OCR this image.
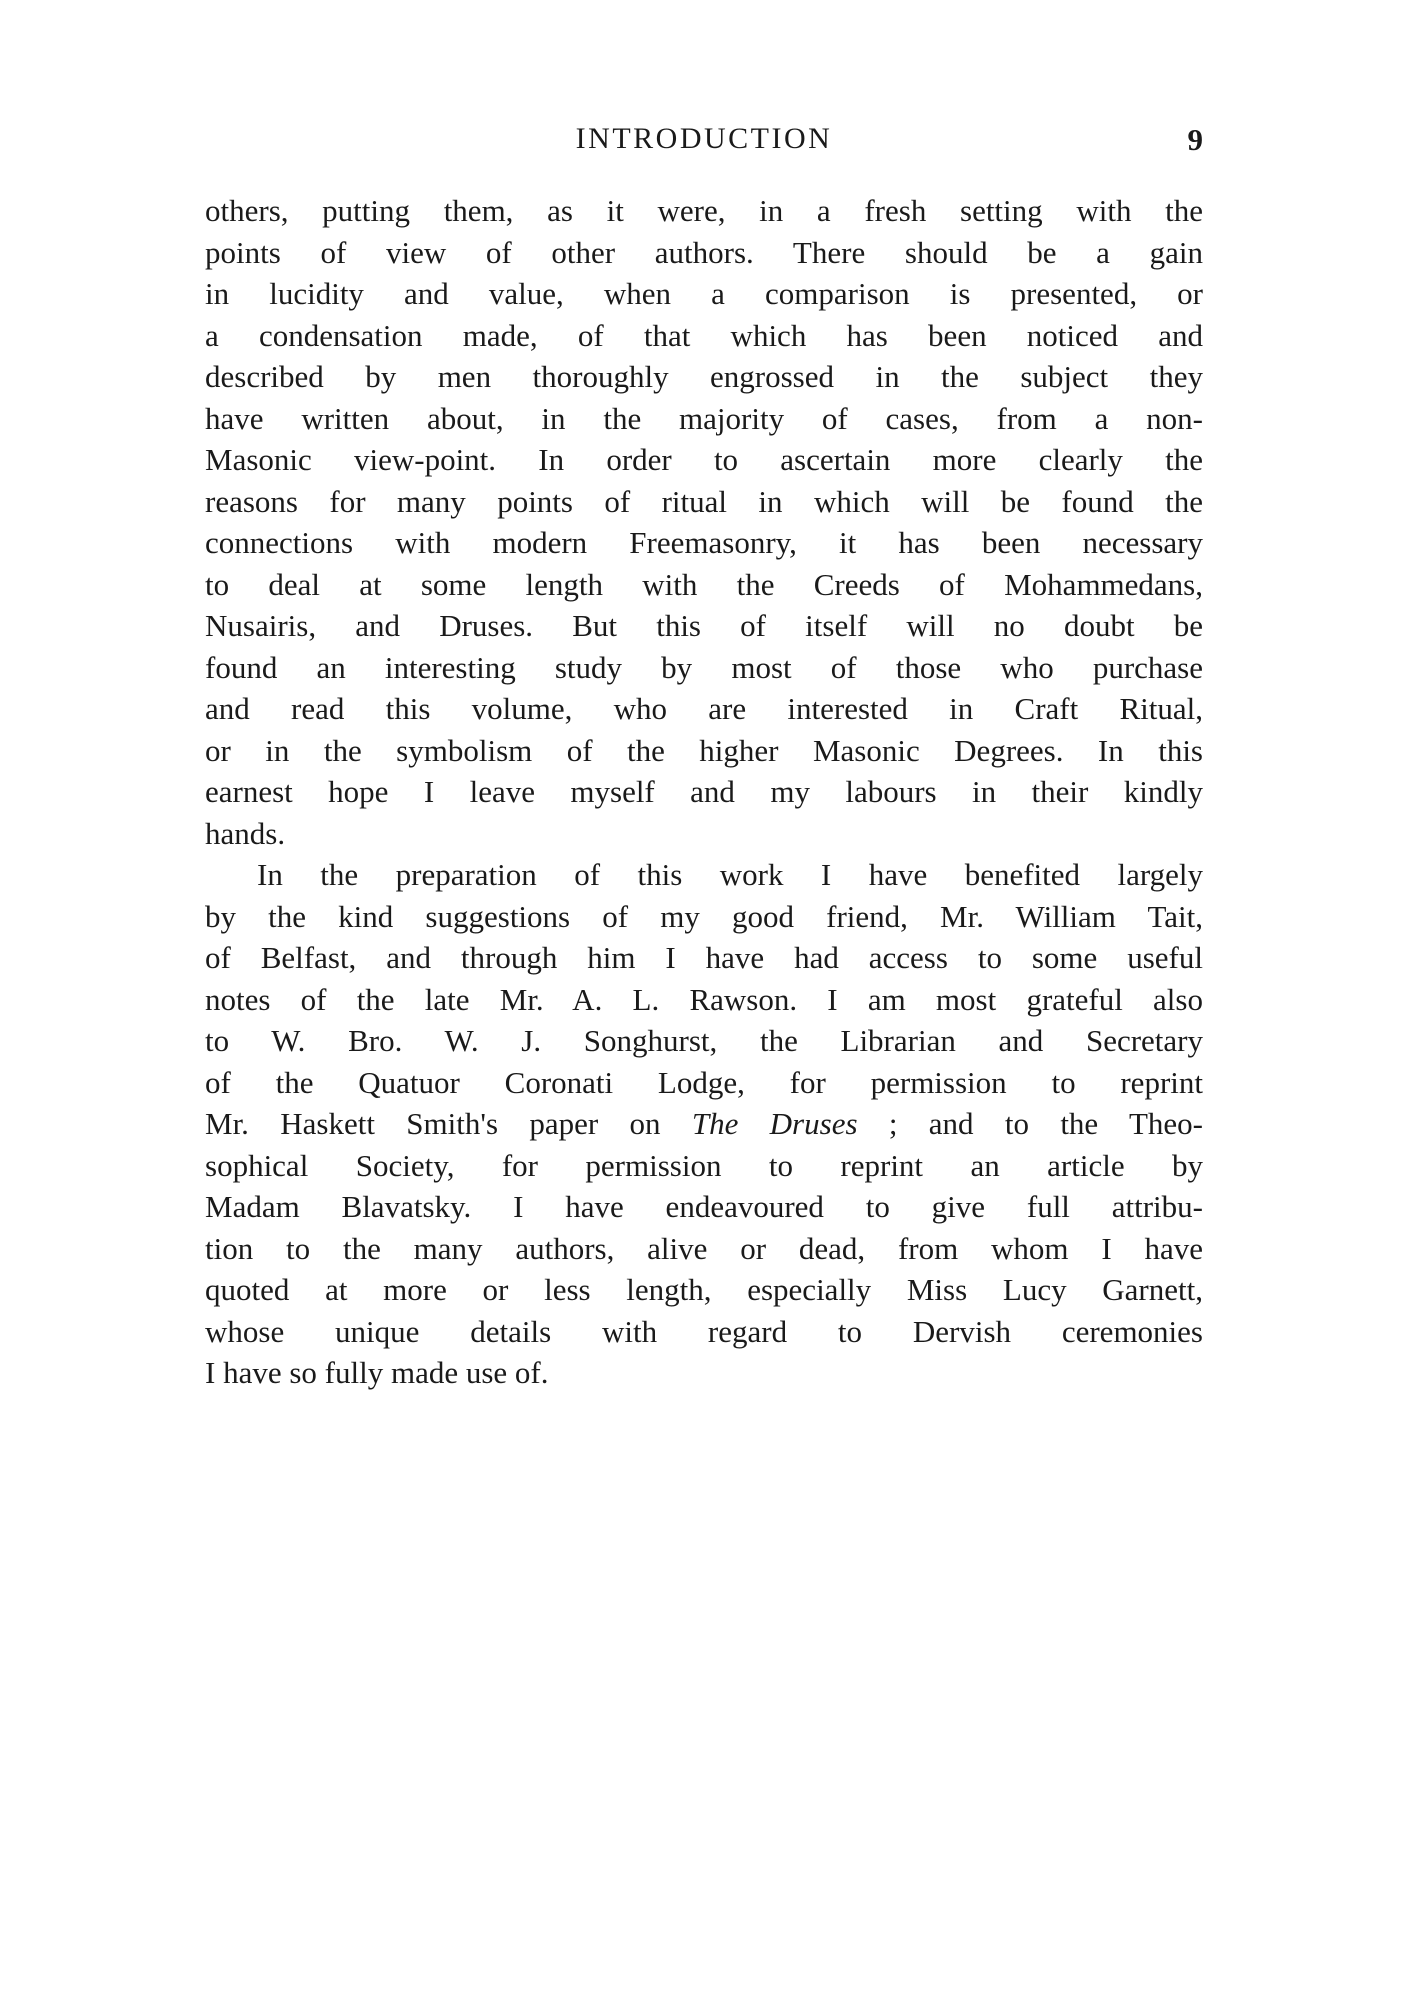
INTRODUCTION	9
others, putting them, as it were, in a fresh setting with the
points of view of other authors. There should be a gain
in lucidity and value, when a comparison is presented, or
a condensation made, of that which has been noticed and
described by men thoroughly engrossed in the subject they
have written about, in the majority of cases, from a non-
Masonic view-point. In order to ascertain more clearly the
reasons for many points of ritual in which will be found the
connections with modern Freemasonry, it has been necessary
to deal at some length with the Creeds of Mohammedans,
Nusairis, and Druses. But this of itself will no doubt be
found an interesting study by most of those who purchase
and read this volume, who are interested in Craft Ritual,
or in the symbolism of the higher Masonic Degrees. In this
earnest hope I leave myself and my labours in their kindly
hands.
In the preparation of this work I have benefited largely
by the kind suggestions of my good friend, Mr. William Tait,
of Belfast, and through him I have had access to some useful
notes of the late Mr. A. L. Rawson. I am most grateful also
to W. Bro. W. J. Songhurst, the Librarian and Secretary
of the Quatuor Coronati Lodge, for permission to reprint
Mr. Haskett Smith's paper on The Druses ; and to the Theo-
sophical Society, for permission to reprint an article by
Madam Blavatsky. I have endeavoured to give full attribu-
tion to the many authors, alive or dead, from whom I have
quoted at more or less length, especially Miss Lucy Garnett,
whose unique details with regard to Dervish ceremonies
I have so fully made use of.
